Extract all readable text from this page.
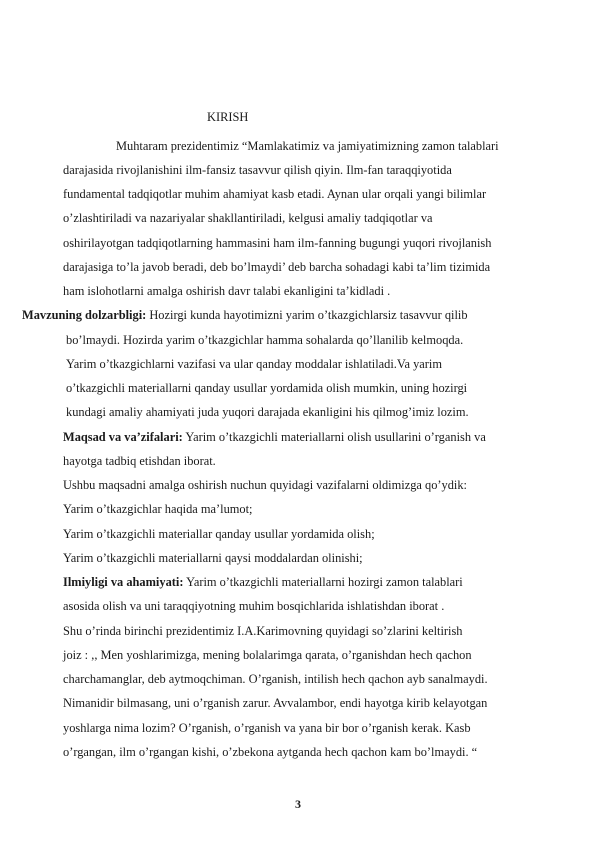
​ KIRISH

Muhtaram prezidentimiz “Mamlakatimiz va jamiyatimizning zamon talablari

darajasida rivojlanishini ilm-fansiz tasavvur qilish qiyin. Ilm-fan taraqqiyotida

fundamental tadqiqotlar muhim ahamiyat kasb etadi. Aynan ular orqali yangi bilimlar

o’zlashtiriladi va nazariyalar shakllantiriladi, kelgusi amaliy tadqiqotlar va

oshirilayotgan tadqiqotlarning hammasini ham ilm-fanning bugungi yuqori rivojlanish

darajasiga to’la javob beradi, deb bo’lmaydi’ deb barcha sohadagi kabi ta’lim tizimida

ham islohotlarni amalga oshirish davr talabi ekanligini ta’kidladi .

Mavzuning dolzarbligi: Hozirgi kunda hayotimizni yarim o’tkazgichlarsiz tasavvur qilib

bo’lmaydi. Hozirda yarim o’tkazgichlar hamma sohalarda qo’llanilib kelmoqda.

Yarim o’tkazgichlarni vazifasi va ular qanday moddalar ishlatiladi.Va yarim

o’tkazgichli materiallarni qanday usullar yordamida olish mumkin, uning hozirgi

kundagi amaliy ahamiyati juda yuqori darajada ekanligini his qilmog’imiz lozim.

Maqsad va va’zifalari: Yarim o’tkazgichli materiallarni olish usullarini o’rganish va

hayotga tadbiq etishdan iborat.

Ushbu maqsadni amalga oshirish nuchun quyidagi vazifalarni oldimizga qo’ydik:

Yarim o’tkazgichlar haqida ma’lumot;

Yarim o’tkazgichli materiallar qanday usullar yordamida olish;

Yarim o’tkazgichli materiallarni qaysi moddalardan olinishi;

Ilmiyligi va ahamiyati: Yarim o’tkazgichli materiallarni hozirgi zamon talablari

asosida olish va uni taraqqiyotning muhim bosqichlarida ishlatishdan iborat .

Shu o’rinda birinchi prezidentimiz I.A.Karimovning quyidagi so’zlarini keltirish

joiz : ,, Men yoshlarimizga, mening bolalarimga qarata, o’rganishdan hech qachon

charchamanglar, deb aytmoqchiman. O’rganish, intilish hech qachon ayb sanalmaydi.

Nimanidir bilmasang, uni o’rganish zarur. Avvalambor, endi hayotga kirib kelayotgan

yoshlarga nima lozim? O’rganish, o’rganish va yana bir bor o’rganish kerak. Kasb

o’rgangan, ilm o’rgangan kishi, o’zbekona aytganda hech qachon kam bo’lmaydi. “

3
